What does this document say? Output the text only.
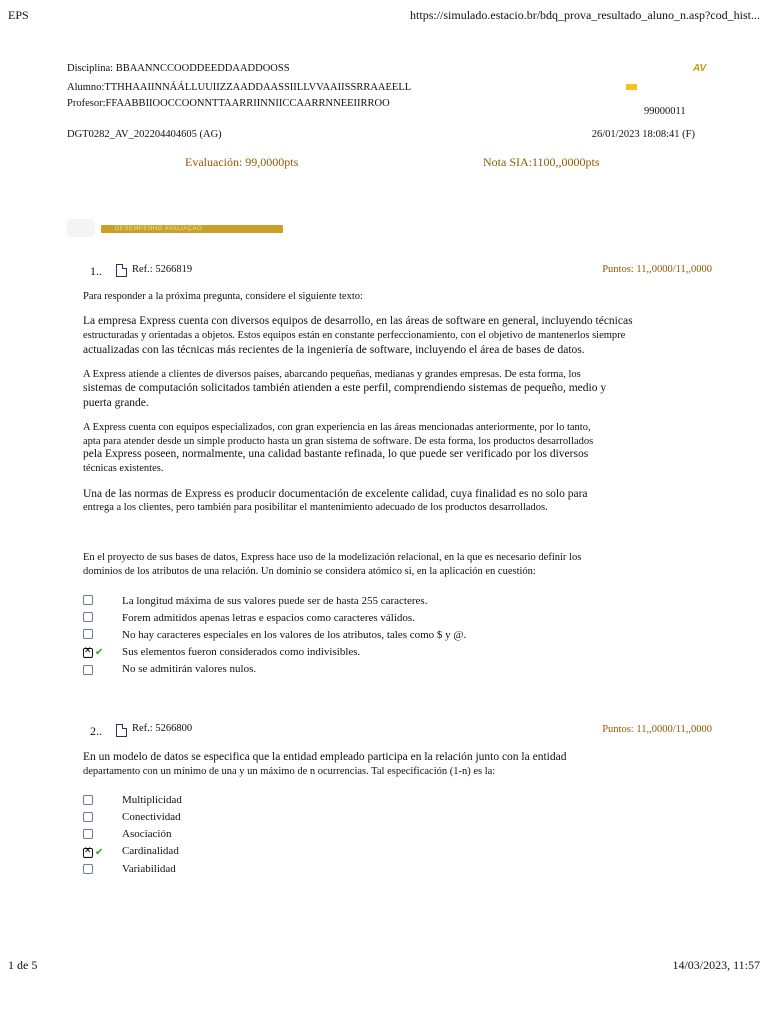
EPS	https://simulado.estacio.br/bdq_prova_resultado_aluno_n.asp?cod_hist...
Disciplina: BBAANNCCOODDEEDDAADDOOSS	AV
Alumno:TTHHAAIINNÁÁLLUUIIZZAADDAASSIILLVVAAIISSRRAAEELL
Profesor:FFAABBIIOOCCOONNTTAARRIINNIICCAARRNNEEIIRROO
99000011
DGT0282_AV_202204404605 (AG)	26/01/2023 18:08:41 (F)
Evaluación: 99,0000pts	Nota SIA:1100,,0000pts
DESEMPENHO AVALIAÇÃO
1..	Ref.: 5266819	Puntos: 11,,0000/11,,0000
Para responder a la próxima pregunta, considere el siguiente texto:
La empresa Express cuenta con diversos equipos de desarrollo, en las áreas de software en general, incluyendo técnicas
estructuradas y orientadas a objetos. Estos equipos están en constante perfeccionamiento, con el objetivo de mantenerlos siempre
actualizadas con las técnicas más recientes de la ingeniería de software, incluyendo el área de bases de datos.
A Express atiende a clientes de diversos países, abarcando pequeñas, medianas y grandes empresas. De esta forma, los
sistemas de computación solicitados también atienden a este perfil, comprendiendo sistemas de pequeño, medio y
puerta grande.
A Express cuenta con equipos especializados, con gran experiencia en las áreas mencionadas anteriormente, por lo tanto,
apta para atender desde un simple producto hasta un gran sistema de software. De esta forma, los productos desarrollados
pela Express poseen, normalmente, una calidad bastante refinada, lo que puede ser verificado por los diversos
técnicas existentes.
Una de las normas de Express es producir documentación de excelente calidad, cuya finalidad es no solo para
entrega a los clientes, pero también para posibilitar el mantenimiento adecuado de los productos desarrollados.
En el proyecto de sus bases de datos, Express hace uso de la modelización relacional, en la que es necesario definir los
dominios de los atributos de una relación. Un dominio se considera atómico si, en la aplicación en cuestión:
La longitud máxima de sus valores puede ser de hasta 255 caracteres.
Forem admitidos apenas letras e espacios como caracteres válidos.
No hay caracteres especiales en los valores de los atributos, tales como $ y @.
✕
✔ Sus elementos fueron considerados como indivisibles.
No se admitirán valores nulos.
2..	Ref.: 5266800	Puntos: 11,,0000/11,,0000
En un modelo de datos se especifica que la entidad empleado participa en la relación junto con la entidad
departamento con un mínimo de una y un máximo de n ocurrencias. Tal especificación (1-n) es la:
Multiplicidad
Conectividad
Asociación
✕
✔ Cardinalidad
Variabilidad
1 de 5	14/03/2023, 11:57
